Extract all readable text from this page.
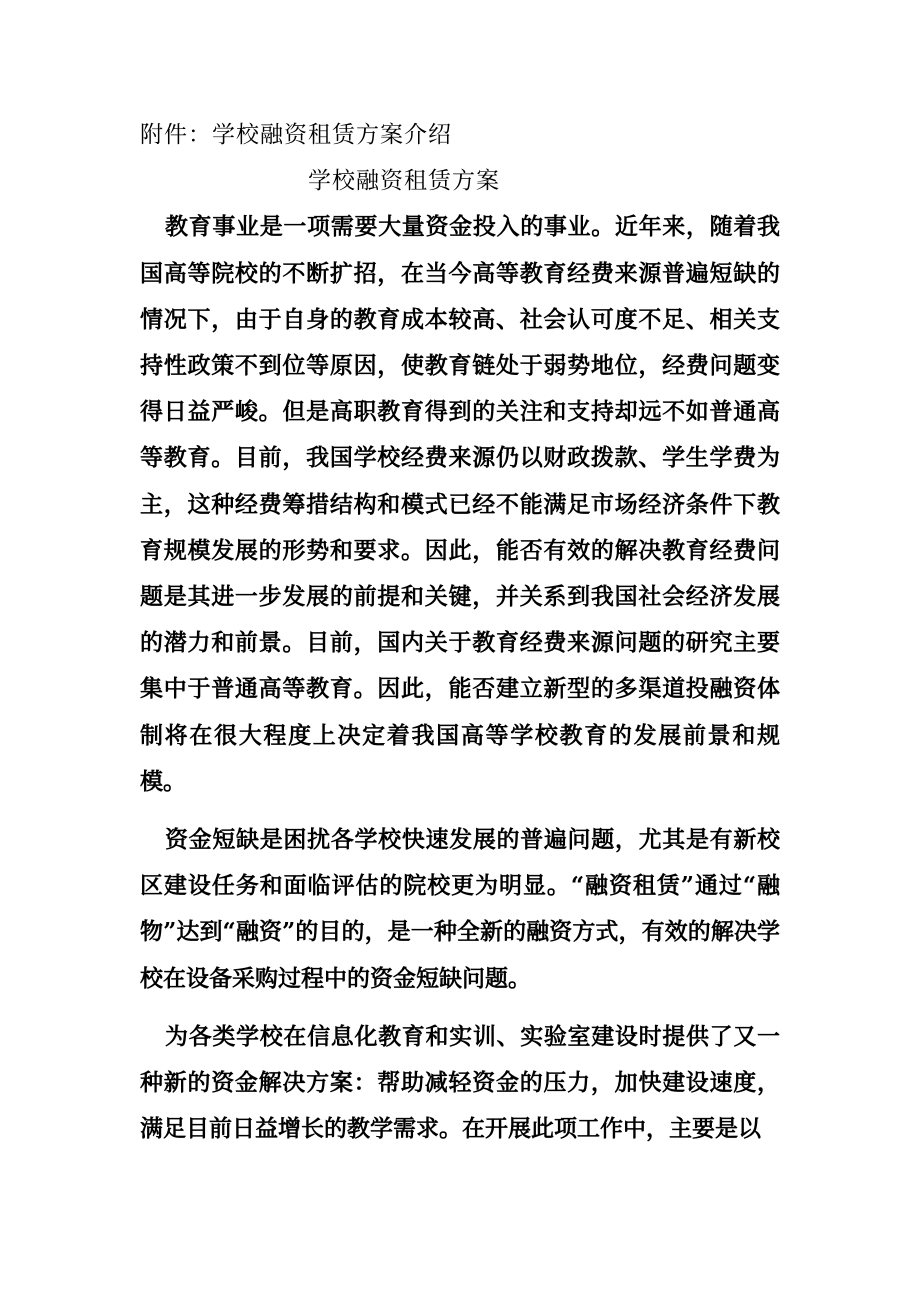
附件：学校融资租赁方案介绍
学校融资租赁方案

教育事业是一项需要大量资金投入的事业。近年来，随着我国高等院校的不断扩招，在当今高等教育经费来源普遍短缺的情况下，由于自身的教育成本较高、社会认可度不足、相关支持性政策不到位等原因，使教育链处于弱势地位，经费问题变得日益严峻。但是高职教育得到的关注和支持却远不如普通高等教育。目前，我国学校经费来源仍以财政拨款、学生学费为主，这种经费筹措结构和模式已经不能满足市场经济条件下教育规模发展的形势和要求。因此，能否有效的解决教育经费问题是其进一步发展的前提和关键，并关系到我国社会经济发展的潜力和前景。目前，国内关于教育经费来源问题的研究主要集中于普通高等教育。因此，能否建立新型的多渠道投融资体制将在很大程度上决定着我国高等学校教育的发展前景和规模。

资金短缺是困扰各学校快速发展的普遍问题，尤其是有新校区建设任务和面临评估的院校更为明显。“融资租赁”通过“融物”达到“融资”的目的，是一种全新的融资方式，有效的解决学校在设备采购过程中的资金短缺问题。

为各类学校在信息化教育和实训、实验室建设时提供了又一种新的资金解决方案：帮助减轻资金的压力，加快建设速度，满足目前日益增长的教学需求。在开展此项工作中，主要是以
